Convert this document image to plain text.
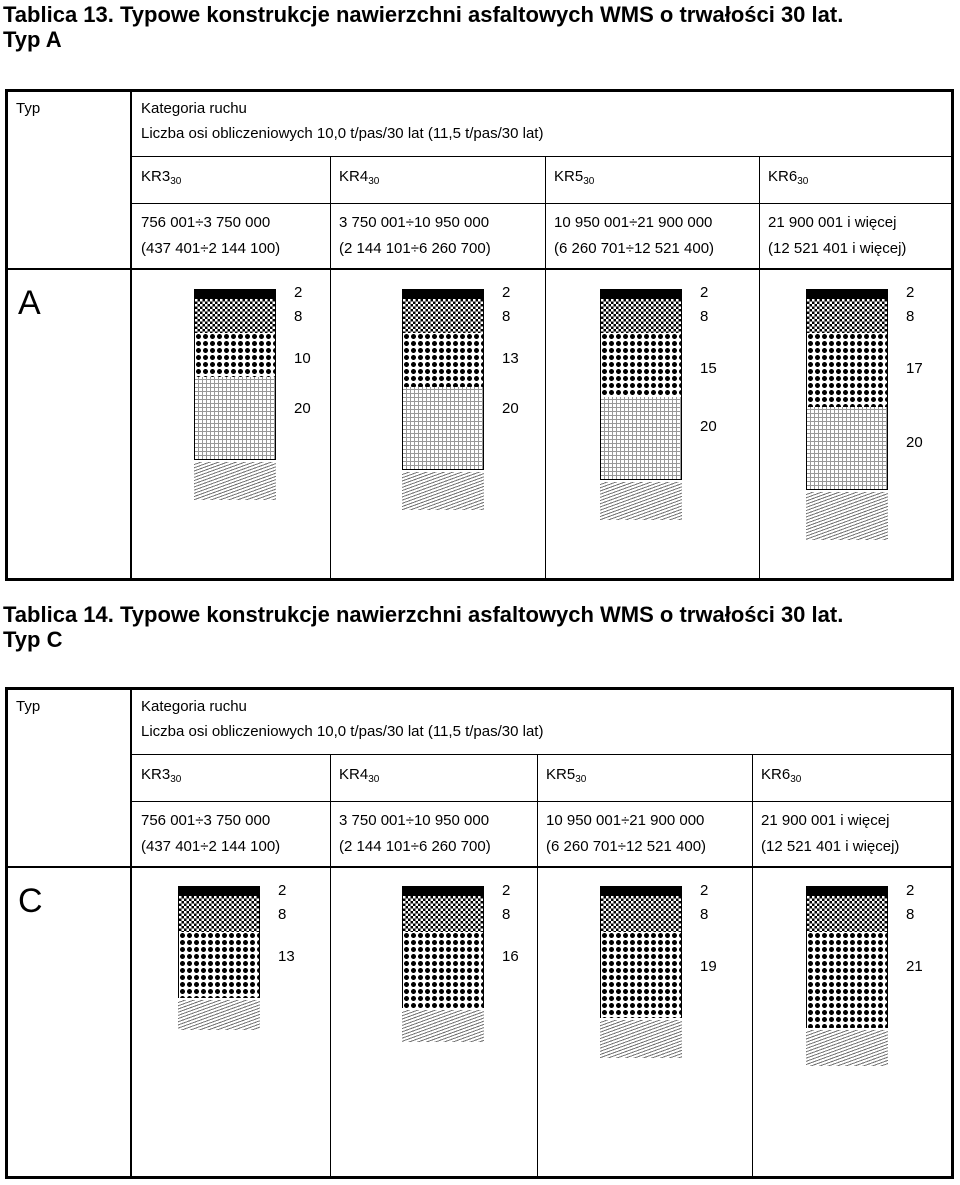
Tablica 13. Typowe konstrukcje nawierzchni asfaltowych WMS o trwałości 30 lat.
Typ A
Typ	Kategoria ruchu
Liczba osi obliczeniowych 10,0 t/pas/30 lat (11,5 t/pas/30 lat)
A
$KR3_{30}$
756 001÷3 750 000
(437 401÷2 144 100)
2
8
10
20
$KR4_{30}$
3 750 001÷10 950 000
(2 144 101÷6 260 700)
2
8
13
20
$KR5_{30}$
10 950 001÷21 900 000
(6 260 701÷12 521 400)
2
8
15
20
$KR6_{30}$
21 900 001 i więcej
(12 521 401 i więcej)
2
8
17
20
Tablica 14. Typowe konstrukcje nawierzchni asfaltowych WMS o trwałości 30 lat.
Typ C
Typ	Kategoria ruchu
Liczba osi obliczeniowych 10,0 t/pas/30 lat (11,5 t/pas/30 lat)
C
$KR3_{30}$
756 001÷3 750 000
(437 401÷2 144 100)
2
8
13
$KR4_{30}$
3 750 001÷10 950 000
(2 144 101÷6 260 700)
2
8
16
$KR5_{30}$
10 950 001÷21 900 000
(6 260 701÷12 521 400)
2
8
19
$KR6_{30}$
21 900 001 i więcej
(12 521 401 i więcej)
2
8
21
